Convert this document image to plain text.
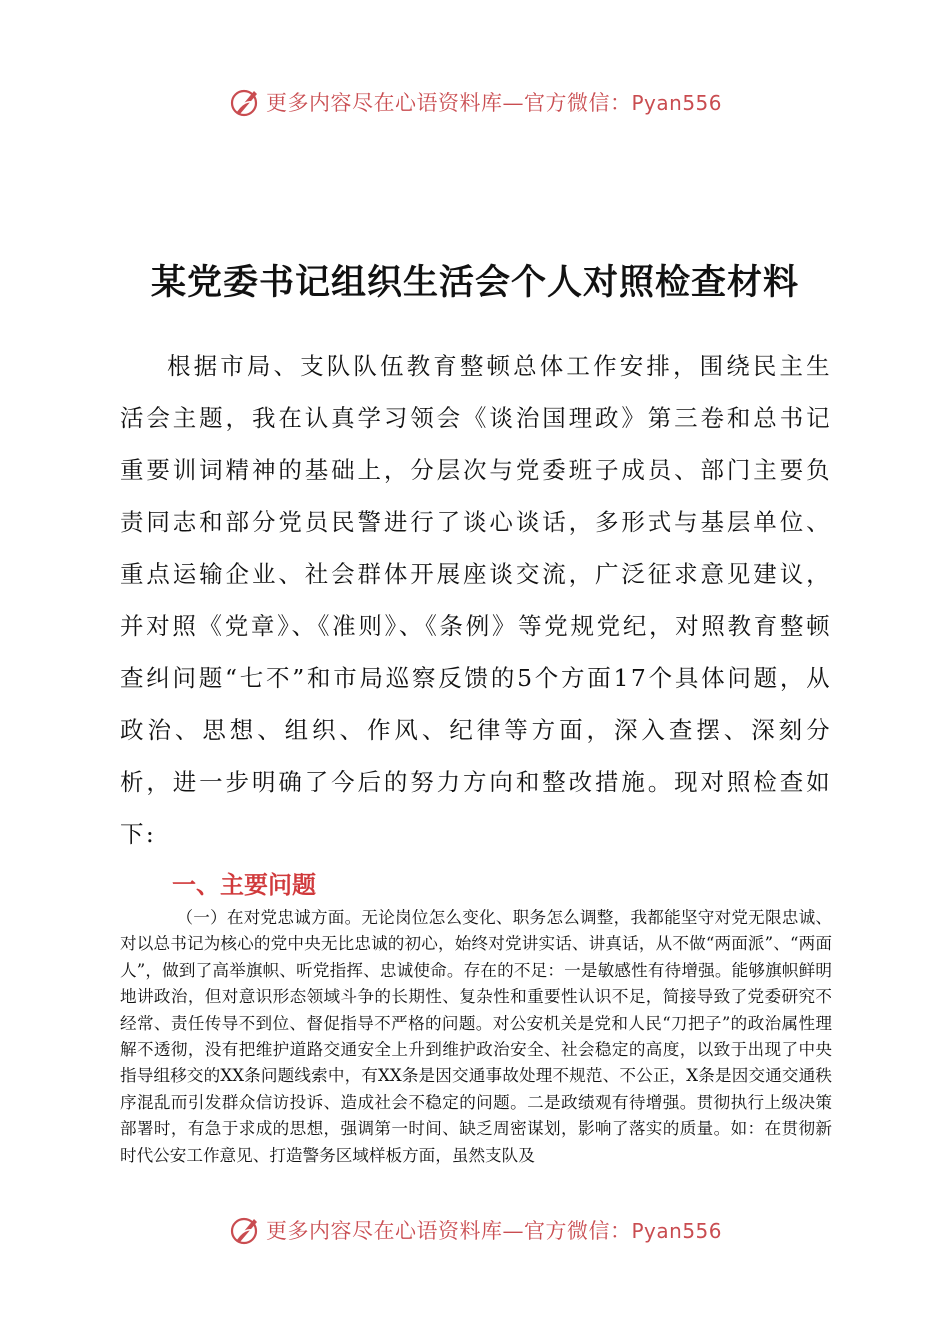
更多内容尽在心语资料库—官方微信：Pyan556
某党委书记组织生活会个人对照检查材料

根据市局、支队队伍教育整顿总体工作安排，围绕民主生活会主题，我在认真学习领会《谈治国理政》第三卷和总书记重要训词精神的基础上，分层次与党委班子成员、部门主要负责同志和部分党员民警进行了谈心谈话，多形式与基层单位、重点运输企业、社会群体开展座谈交流，广泛征求意见建议，并对照《党章》、《准则》、《条例》等党规党纪，对照教育整顿查纠问题“七不”和市局巡察反馈的5个方面17个具体问题，从政治、思想、组织、作风、纪律等方面，深入查摆、深刻分析，进一步明确了今后的努力方向和整改措施。现对照检查如下:

一、主要问题

（一）在对党忠诚方面。无论岗位怎么变化、职务怎么调整，我都能坚守对党无限忠诚、对以总书记为核心的党中央无比忠诚的初心，始终对党讲实话、讲真话，从不做“两面派”、“两面人”，做到了高举旗帜、听党指挥、忠诚使命。存在的不足：一是敏感性有待增强。能够旗帜鲜明地讲政治，但对意识形态领域斗争的长期性、复杂性和重要性认识不足，简接导致了党委研究不经常、责任传导不到位、督促指导不严格的问题。对公安机关是党和人民“刀把子”的政治属性理解不透彻，没有把维护道路交通安全上升到维护政治安全、社会稳定的高度，以致于出现了中央指导组移交的XX条问题线索中，有XX条是因交通事故处理不规范、不公正，X条是因交通交通秩序混乱而引发群众信访投诉、造成社会不稳定的问题。二是政绩观有待增强。贯彻执行上级决策部署时，有急于求成的思想，强调第一时间、缺乏周密谋划，影响了落实的质量。如：在贯彻新时代公安工作意见、打造警务区域样板方面，虽然支队及

更多内容尽在心语资料库—官方微信：Pyan556
